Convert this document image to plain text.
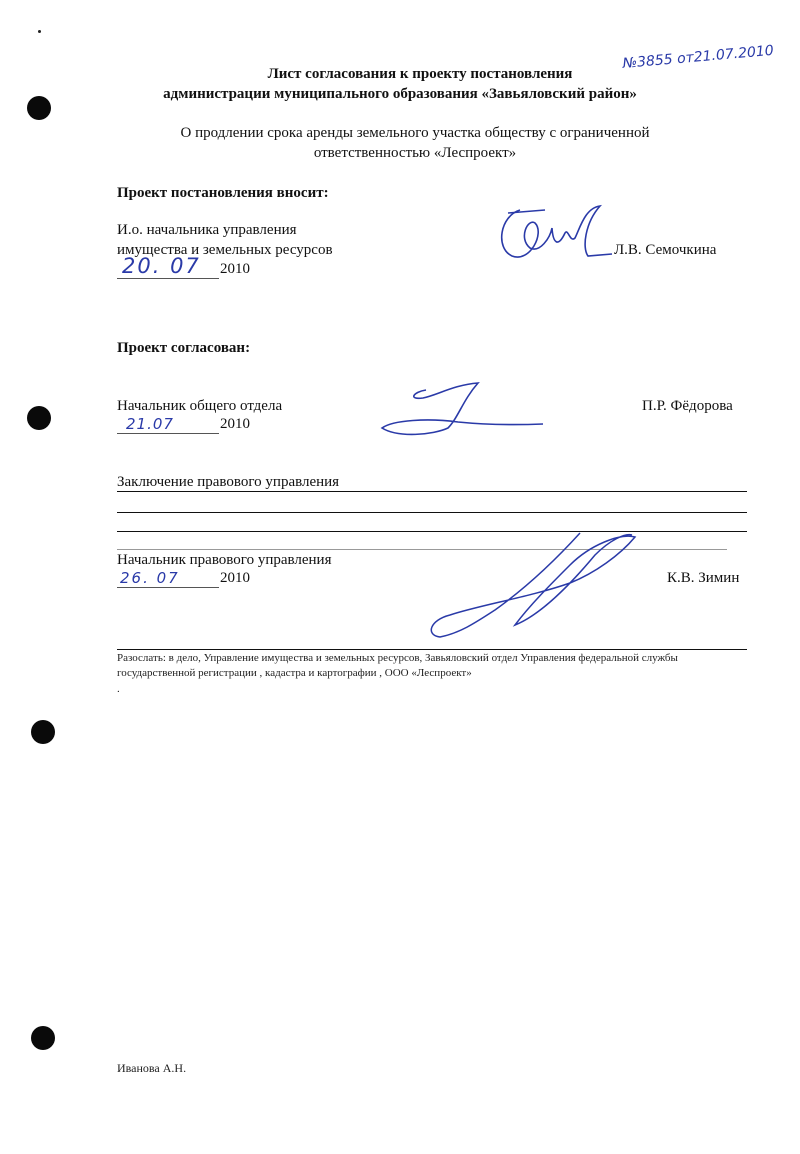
№3855 от21.07.2010
Лист согласования к проекту постановления
администрации муниципального образования «Завьяловский район»
О продлении срока аренды земельного участка обществу с ограниченной
ответственностью «Леспроект»
Проект постановления вносит:
И.о. начальника управления
имущества и земельных ресурсов
20. 07 2010
Л.В. Семочкина
Проект согласован:
Начальник общего отдела
21.07	2010
П.Р. Фёдорова
Заключение правового управления
Начальник правового управления
26. 07	2010	К.В. Зимин
Разослать: в дело, Управление имущества и земельных ресурсов, Завьяловский отдел Управления федеральной службы государственной регистрации , кадастра и картографии , ООО «Леспроект»
.
Иванова А.Н.
